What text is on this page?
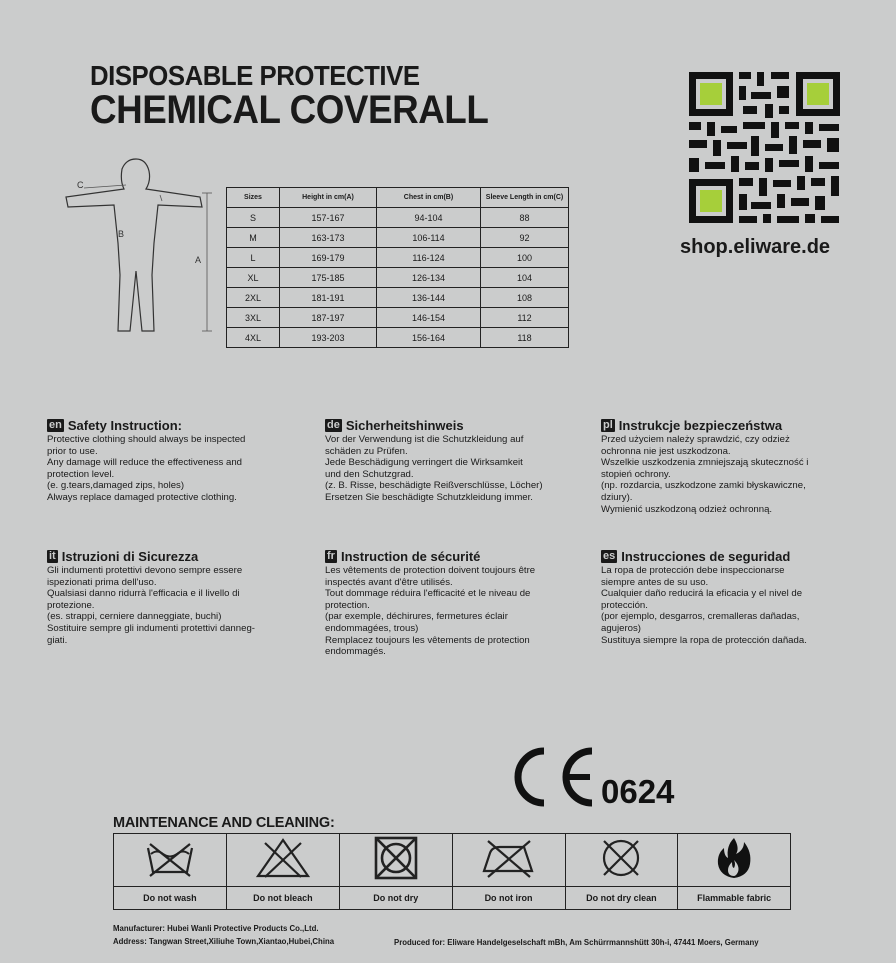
DISPOSABLE PROTECTIVE
CHEMICAL COVERALL
shop.eliware.de
C
B
A
Sizes	Height in cm(A)	Chest in cm(B)	Sleeve Length in cm(C)
S	157-167	94-104	88
M	163-173	106-114	92
L	169-179	116-124	100
XL	175-185	126-134	104
2XL	181-191	136-144	108
3XL	187-197	146-154	112
4XL	193-203	156-164	118
en Safety Instruction:
Protective clothing should always be inspected
prior to use.
Any damage will reduce the effectiveness and
protection level.
(e. g.tears,damaged zips, holes)
Always replace damaged protective clothing.
de Sicherheitshinweis
Vor der Verwendung ist die Schutzkleidung auf
schäden zu Prüfen.
Jede Beschädigung verringert die Wirksamkeit
und den Schutzgrad.
(z. B. Risse, beschädigte Reißverschlüsse, Löcher)
Ersetzen Sie beschädigte Schutzkleidung immer.
pl Instrukcje bezpieczeństwa
Przed użyciem należy sprawdzić, czy odzież
ochronna nie jest uszkodzona.
Wszelkie uszkodzenia zmniejszają skuteczność i
stopień ochrony.
(np. rozdarcia, uszkodzone zamki błyskawiczne,
dziury).
Wymienić uszkodzoną odzież ochronną.
it Istruzioni di Sicurezza
Gli indumenti protettivi devono sempre essere
ispezionati prima dell'uso.
Qualsiasi danno ridurrà l'efficacia e il livello di
protezione.
(es. strappi, cerniere danneggiate, buchi)
Sostituire sempre gli indumenti protettivi danneg-
giati.
fr Instruction de sécurité
Les vêtements de protection doivent toujours être
inspectés avant d'être utilisés.
Tout dommage réduira l'efficacité et le niveau de
protection.
(par exemple, déchirures, fermetures éclair
endommagées, trous)
Remplacez toujours les vêtements de protection
endommagés.
es Instrucciones de seguridad
La ropa de protección debe inspeccionarse
siempre antes de su uso.
Cualquier daño reducirá la eficacia y el nivel de
protección.
(por ejemplo, desgarros, cremalleras dañadas,
agujeros)
Sustituya siempre la ropa de protección dañada.
0624
MAINTENANCE AND CLEANING:

Do not wash	Do not bleach	Do not dry	Do not iron	Do not dry clean	Flammable fabric
Manufacturer: Hubei Wanli Protective Products Co.,Ltd.
Address: Tangwan Street,Xiliuhe Town,Xiantao,Hubei,China	Produced for: Eliware Handelgeselschaft mBh, Am Schürrmannshütt 30h-i, 47441 Moers, Germany
